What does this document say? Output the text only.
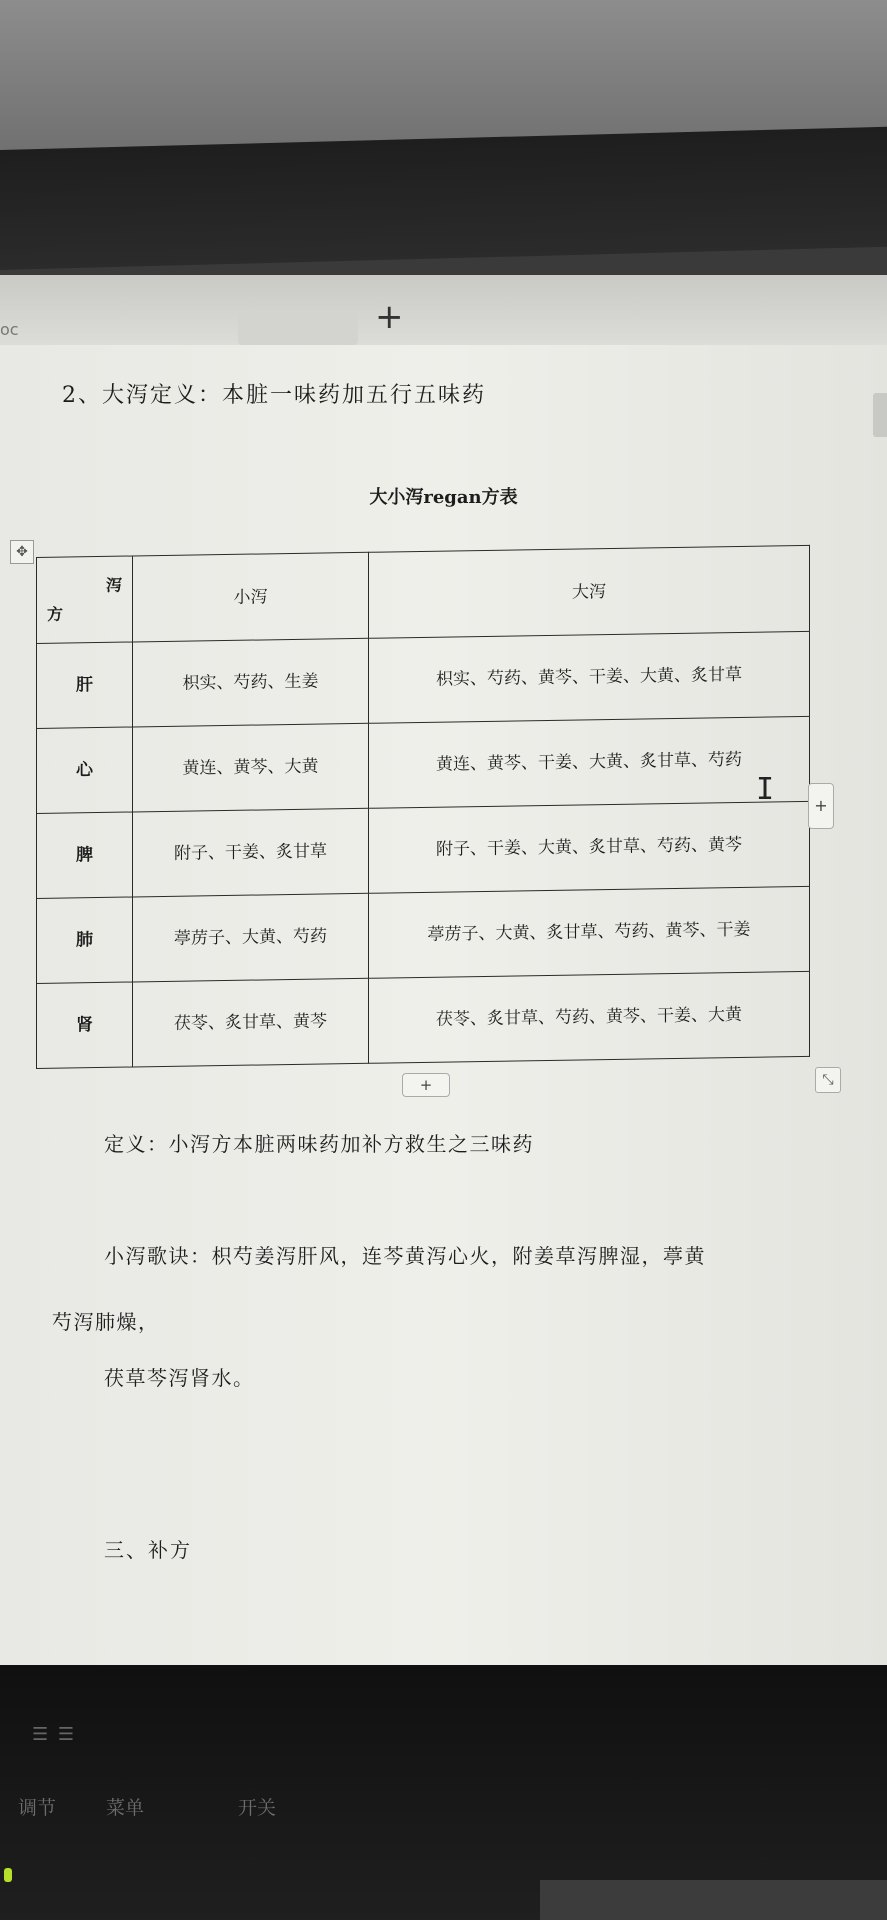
oc	+
2、大泻定义：本脏一味药加五行五味药
大小泻regan方表
✥
泻
方	小泻	大泻
肝	枳实、芍药、生姜	枳实、芍药、黄芩、干姜、大黄、炙甘草
心	黄连、黄芩、大黄	黄连、黄芩、干姜、大黄、炙甘草、芍药
脾	附子、干姜、炙甘草	附子、干姜、大黄、炙甘草、芍药、黄芩
肺	葶苈子、大黄、芍药	葶苈子、大黄、炙甘草、芍药、黄芩、干姜
肾	茯苓、炙甘草、黄芩	茯苓、炙甘草、芍药、黄芩、干姜、大黄
I	+
+	⤡
定义：小泻方本脏两味药加补方救生之三味药
小泻歌诀：枳芍姜泻肝风，连芩黄泻心火，附姜草泻脾湿，葶黄
芍泻肺燥，
茯草芩泻肾水。
三、补方
☰ ☰
调节	菜单	开关
